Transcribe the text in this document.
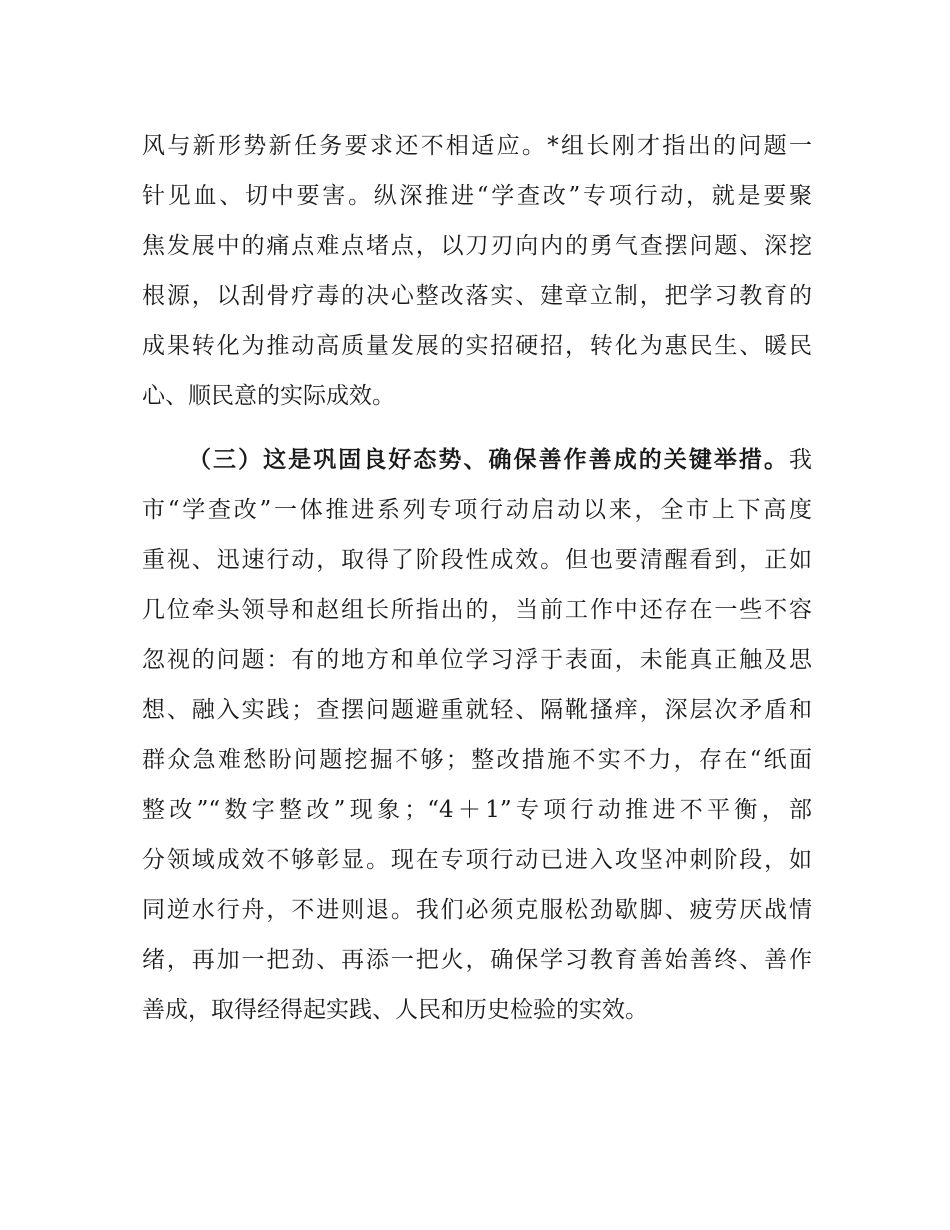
风与新形势新任务要求还不相适应。*组长刚才指出的问题一
针见血、切中要害。纵深推进“学查改”专项行动，就是要聚
焦发展中的痛点难点堵点，以刀刃向内的勇气查摆问题、深挖
根源，以刮骨疗毒的决心整改落实、建章立制，把学习教育的
成果转化为推动高质量发展的实招硬招，转化为惠民生、暖民
心、顺民意的实际成效。
（三）这是巩固良好态势、确保善作善成的关键举措。我
市“学查改”一体推进系列专项行动启动以来，全市上下高度
重视、迅速行动，取得了阶段性成效。但也要清醒看到，正如
几位牵头领导和赵组长所指出的，当前工作中还存在一些不容
忽视的问题：有的地方和单位学习浮于表面，未能真正触及思
想、融入实践；查摆问题避重就轻、隔靴搔痒，深层次矛盾和
群众急难愁盼问题挖掘不够；整改措施不实不力，存在“纸面
整改”“数字整改”现象；“4＋1”专项行动推进不平衡，部
分领域成效不够彰显。现在专项行动已进入攻坚冲刺阶段，如
同逆水行舟，不进则退。我们必须克服松劲歇脚、疲劳厌战情
绪，再加一把劲、再添一把火，确保学习教育善始善终、善作
善成，取得经得起实践、人民和历史检验的实效。
